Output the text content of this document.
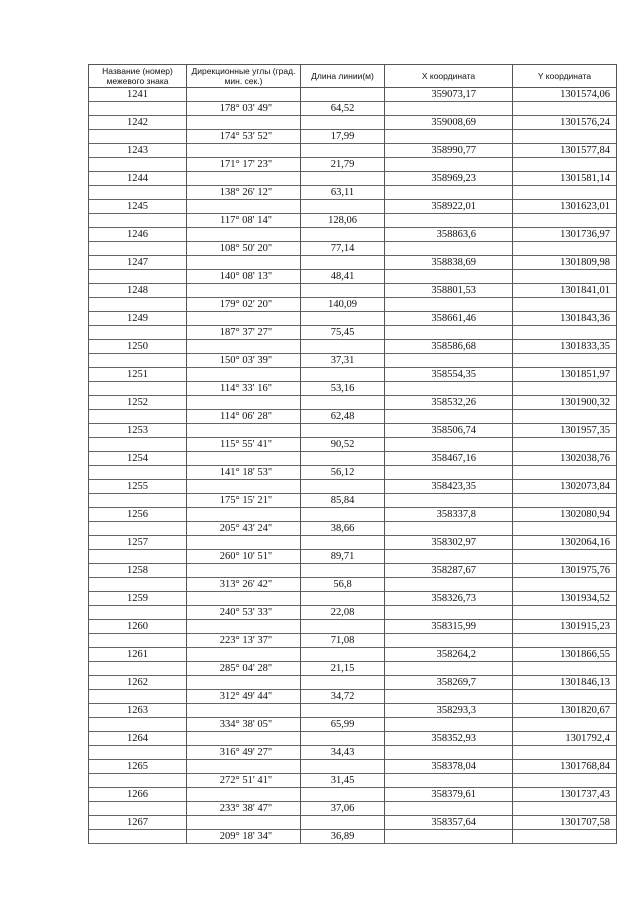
Название (номер) межевого знака	Дирекционные углы (град. мин. сек.)	Длина линии(м)	X координата	Y координата
1241			359073,17	1301574,06
	178° 03' 49"	64,52		
1242			359008,69	1301576,24
	174° 53' 52"	17,99		
1243			358990,77	1301577,84
	171° 17' 23"	21,79		
1244			358969,23	1301581,14
	138° 26' 12"	63,11		
1245			358922,01	1301623,01
	117° 08' 14"	128,06		
1246			358863,6	1301736,97
	108° 50' 20"	77,14		
1247			358838,69	1301809,98
	140° 08' 13"	48,41		
1248			358801,53	1301841,01
	179° 02' 20"	140,09		
1249			358661,46	1301843,36
	187° 37' 27"	75,45		
1250			358586,68	1301833,35
	150° 03' 39"	37,31		
1251			358554,35	1301851,97
	114° 33' 16"	53,16		
1252			358532,26	1301900,32
	114° 06' 28"	62,48		
1253			358506,74	1301957,35
	115° 55' 41"	90,52		
1254			358467,16	1302038,76
	141° 18' 53"	56,12		
1255			358423,35	1302073,84
	175° 15' 21"	85,84		
1256			358337,8	1302080,94
	205° 43' 24"	38,66		
1257			358302,97	1302064,16
	260° 10' 51"	89,71		
1258			358287,67	1301975,76
	313° 26' 42"	56,8		
1259			358326,73	1301934,52
	240° 53' 33"	22,08		
1260			358315,99	1301915,23
	223° 13' 37"	71,08		
1261			358264,2	1301866,55
	285° 04' 28"	21,15		
1262			358269,7	1301846,13
	312° 49' 44"	34,72		
1263			358293,3	1301820,67
	334° 38' 05"	65,99		
1264			358352,93	1301792,4
	316° 49' 27"	34,43		
1265			358378,04	1301768,84
	272° 51' 41"	31,45		
1266			358379,61	1301737,43
	233° 38' 47"	37,06		
1267			358357,64	1301707,58
	209° 18' 34"	36,89		
